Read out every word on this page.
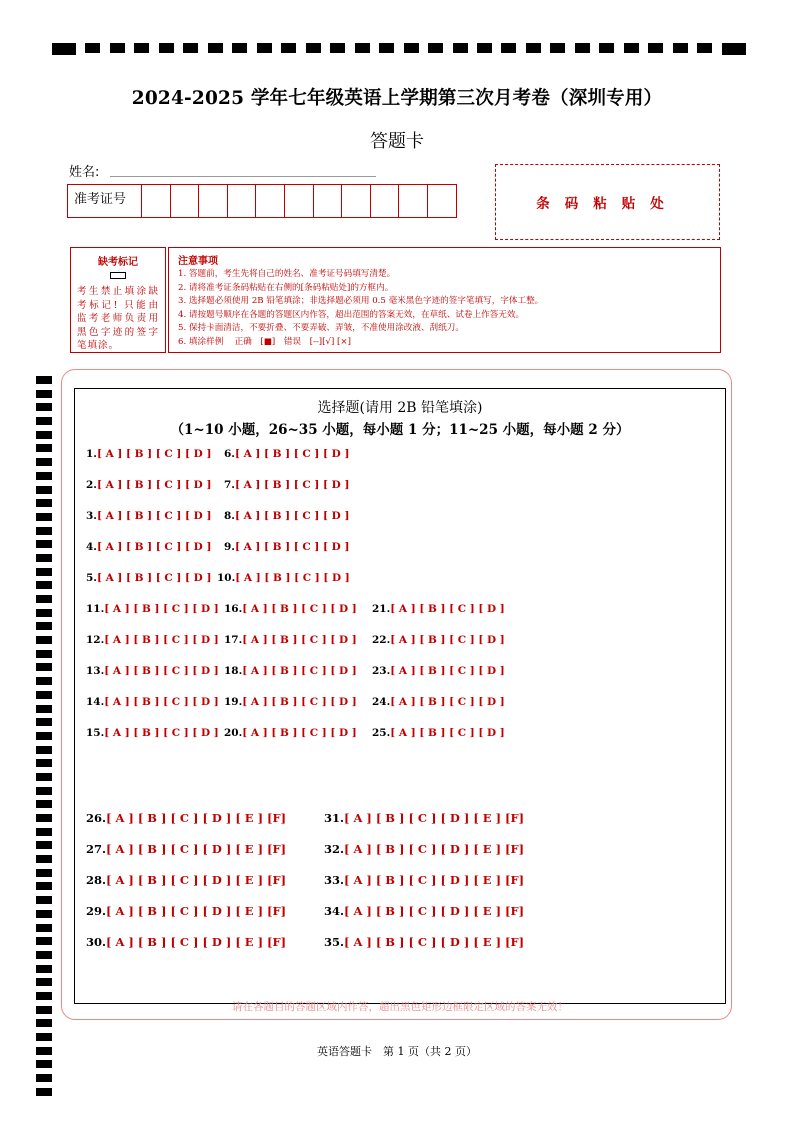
2024-2025 学年七年级英语上学期第三次月考卷（深圳专用）
答题卡
姓名:
准考证号	条码粘贴处
缺考标记
考生禁止填涂缺考标记! 只能由监考老师负责用黑色字迹的签字笔填涂。
注意事项
1. 答题前，考生先将自己的姓名、准考证号码填写清楚。
2. 请将准考证条码粘贴在右侧的[条码粘贴处]的方框内。
3. 选择题必须使用 2B 铅笔填涂；非选择题必须用 0.5 毫米黑色字迹的签字笔填写，字体工整。
4. 请按题号顺序在各题的答题区内作答，超出范围的答案无效，在草纸、试卷上作答无效。
5. 保持卡面清洁，不要折叠、不要弄破、弄皱，不准使用涂改液、刮纸刀。
6. 填涂样例　 正确　[■]　错误　[--][√] [×]
选择题(请用 2B 铅笔填涂)
（1~10 小题，26~35 小题，每小题 1 分；11~25 小题，每小题 2 分）
1.[ A ] [ B ] [ C ] [ D ]
2.[ A ] [ B ] [ C ] [ D ]
3.[ A ] [ B ] [ C ] [ D ]
4.[ A ] [ B ] [ C ] [ D ]
5.[ A ] [ B ] [ C ] [ D ]
6.[ A ] [ B ] [ C ] [ D ]
7.[ A ] [ B ] [ C ] [ D ]
8.[ A ] [ B ] [ C ] [ D ]
9.[ A ] [ B ] [ C ] [ D ]
10.[ A ] [ B ] [ C ] [ D ]
11.[ A ] [ B ] [ C ] [ D ]
12.[ A ] [ B ] [ C ] [ D ]
13.[ A ] [ B ] [ C ] [ D ]
14.[ A ] [ B ] [ C ] [ D ]
15.[ A ] [ B ] [ C ] [ D ]
16.[ A ] [ B ] [ C ] [ D ]
17.[ A ] [ B ] [ C ] [ D ]
18.[ A ] [ B ] [ C ] [ D ]
19.[ A ] [ B ] [ C ] [ D ]
20.[ A ] [ B ] [ C ] [ D ]
21.[ A ] [ B ] [ C ] [ D ]
22.[ A ] [ B ] [ C ] [ D ]
23.[ A ] [ B ] [ C ] [ D ]
24.[ A ] [ B ] [ C ] [ D ]
25.[ A ] [ B ] [ C ] [ D ]
26.[ A ] [ B ] [ C ] [ D ] [ E ] [F]
27.[ A ] [ B ] [ C ] [ D ] [ E ] [F]
28.[ A ] [ B ] [ C ] [ D ] [ E ] [F]
29.[ A ] [ B ] [ C ] [ D ] [ E ] [F]
30.[ A ] [ B ] [ C ] [ D ] [ E ] [F]
31.[ A ] [ B ] [ C ] [ D ] [ E ] [F]
32.[ A ] [ B ] [ C ] [ D ] [ E ] [F]
33.[ A ] [ B ] [ C ] [ D ] [ E ] [F]
34.[ A ] [ B ] [ C ] [ D ] [ E ] [F]
35.[ A ] [ B ] [ C ] [ D ] [ E ] [F]
请在各题目的答题区域内作答，超出黑色矩形边框限定区域的答案无效！
英语答题卡　第 1 页（共 2 页）
